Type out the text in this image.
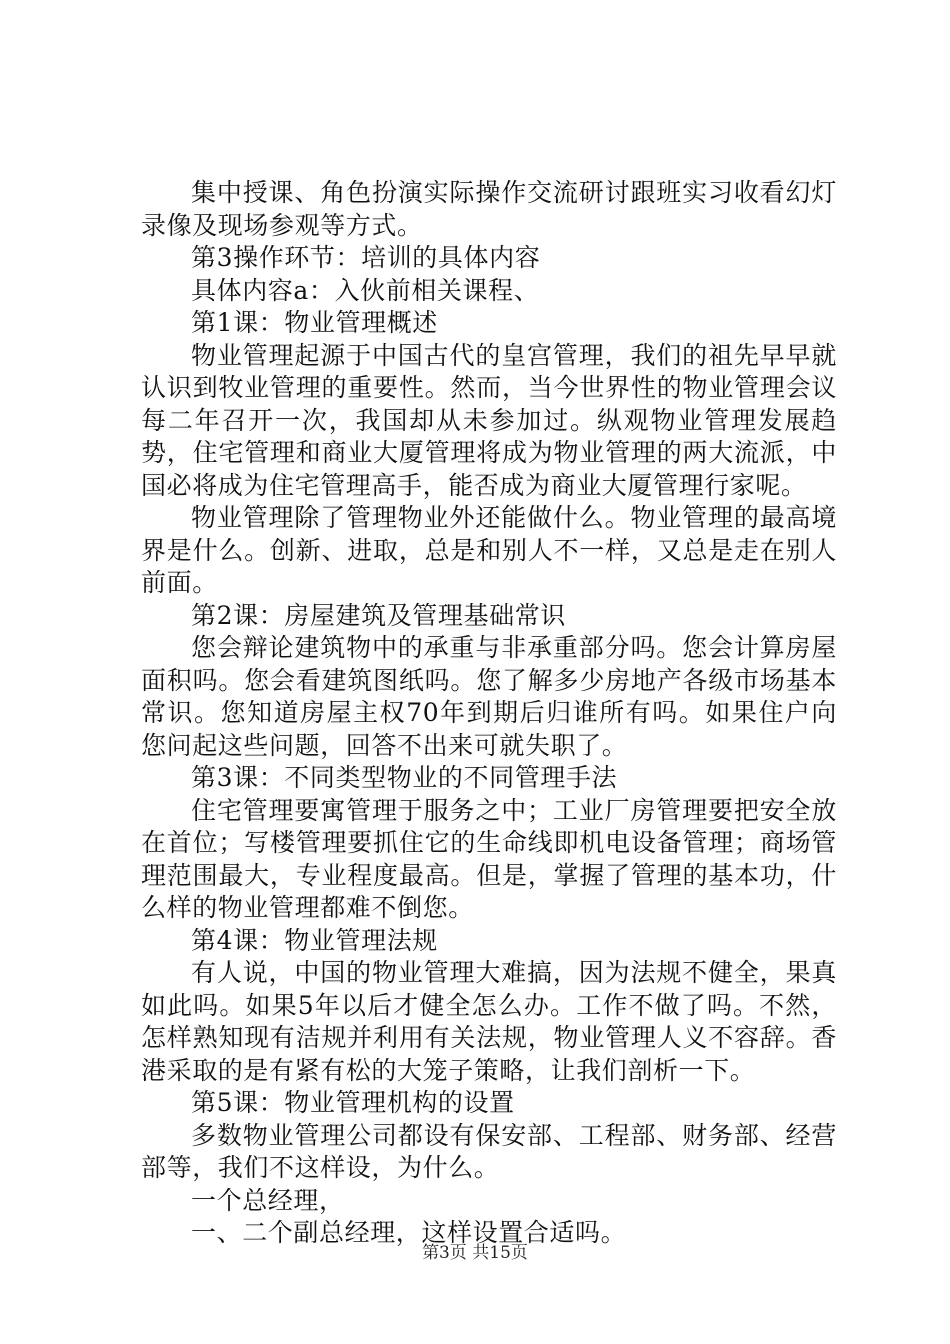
集中授课、角色扮演实际操作交流研讨跟班实习收看幻灯录像及现场参观等方式。

第3操作环节：培训的具体内容

具体内容a：入伙前相关课程、

第1课：物业管理概述

物业管理起源于中国古代的皇宫管理，我们的祖先早早就认识到牧业管理的重要性。然而，当今世界性的物业管理会议每二年召开一次，我国却从未参加过。纵观物业管理发展趋势，住宅管理和商业大厦管理将成为物业管理的两大流派，中国必将成为住宅管理高手，能否成为商业大厦管理行家呢。

物业管理除了管理物业外还能做什么。物业管理的最高境界是什么。创新、进取，总是和别人不一样，又总是走在别人前面。

第2课：房屋建筑及管理基础常识

您会辩论建筑物中的承重与非承重部分吗。您会计算房屋面积吗。您会看建筑图纸吗。您了解多少房地产各级市场基本常识。您知道房屋主权70年到期后归谁所有吗。如果住户向您问起这些问题，回答不出来可就失职了。

第3课：不同类型物业的不同管理手法

住宅管理要寓管理于服务之中；工业厂房管理要把安全放在首位；写楼管理要抓住它的生命线即机电设备管理；商场管理范围最大，专业程度最高。但是，掌握了管理的基本功，什么样的物业管理都难不倒您。

第4课：物业管理法规

有人说，中国的物业管理大难搞，因为法规不健全，果真如此吗。如果5年以后才健全怎么办。工作不做了吗。不然，怎样熟知现有洁规并利用有关法规，物业管理人义不容辞。香港采取的是有紧有松的大笼子策略，让我们剖析一下。

第5课：物业管理机构的设置

多数物业管理公司都设有保安部、工程部、财务部、经营部等，我们不这样设，为什么。

一个总经理，

一、二个副总经理，这样设置合适吗。

第3页 共15页
